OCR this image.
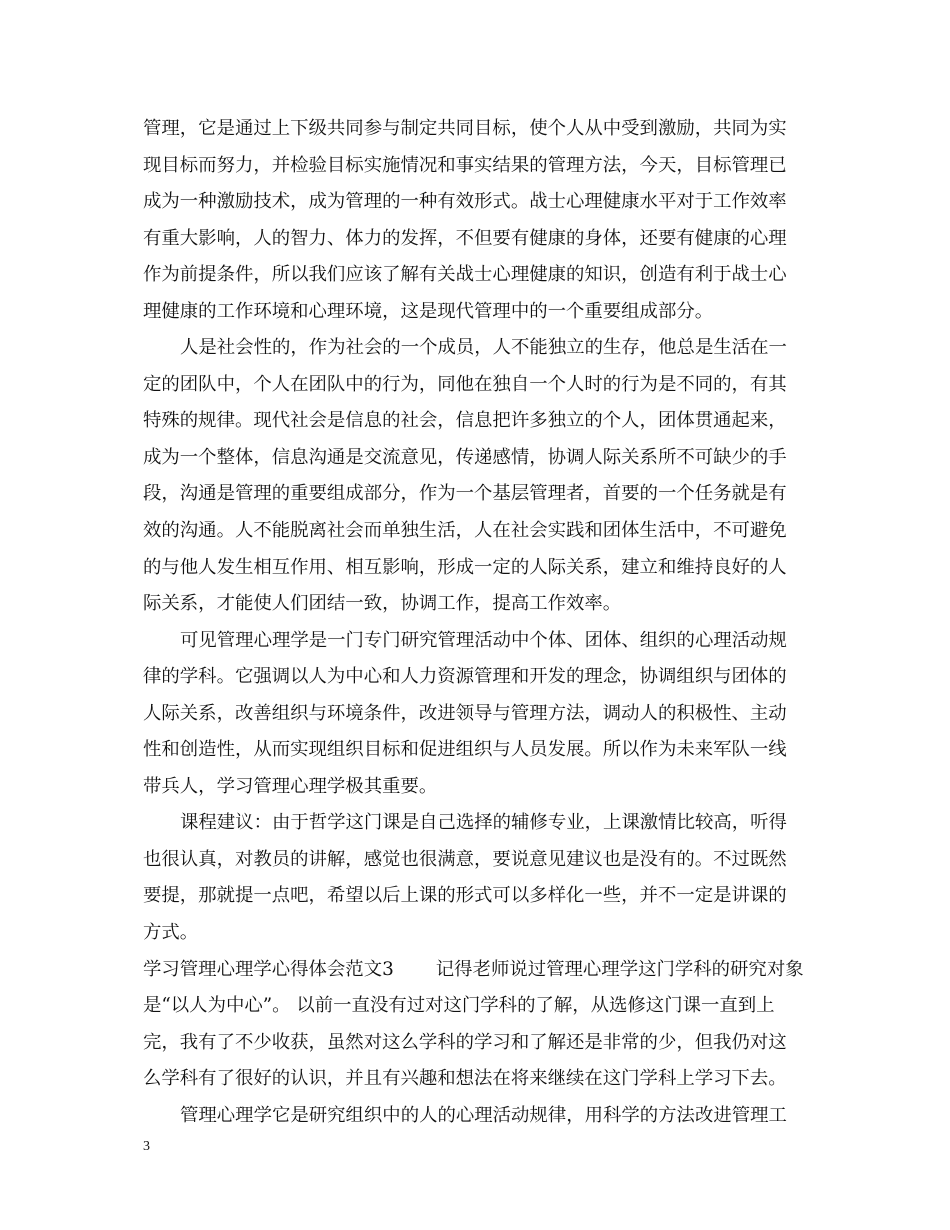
管理，它是通过上下级共同参与制定共同目标，使个人从中受到激励，共同为实
现目标而努力，并检验目标实施情况和事实结果的管理方法，今天，目标管理已
成为一种激励技术，成为管理的一种有效形式。战士心理健康水平对于工作效率
有重大影响，人的智力、体力的发挥，不但要有健康的身体，还要有健康的心理
作为前提条件，所以我们应该了解有关战士心理健康的知识，创造有利于战士心
理健康的工作环境和心理环境，这是现代管理中的一个重要组成部分。
人是社会性的，作为社会的一个成员，人不能独立的生存，他总是生活在一
定的团队中，个人在团队中的行为，同他在独自一个人时的行为是不同的，有其
特殊的规律。现代社会是信息的社会，信息把许多独立的个人，团体贯通起来，
成为一个整体，信息沟通是交流意见，传递感情，协调人际关系所不可缺少的手
段，沟通是管理的重要组成部分，作为一个基层管理者，首要的一个任务就是有
效的沟通。人不能脱离社会而单独生活，人在社会实践和团体生活中，不可避免
的与他人发生相互作用、相互影响，形成一定的人际关系，建立和维持良好的人
际关系，才能使人们团结一致，协调工作，提高工作效率。
可见管理心理学是一门专门研究管理活动中个体、团体、组织的心理活动规
律的学科。它强调以人为中心和人力资源管理和开发的理念，协调组织与团体的
人际关系，改善组织与环境条件，改进领导与管理方法，调动人的积极性、主动
性和创造性，从而实现组织目标和促进组织与人员发展。所以作为未来军队一线
带兵人，学习管理心理学极其重要。
课程建议：由于哲学这门课是自己选择的辅修专业，上课激情比较高，听得
也很认真，对教员的讲解，感觉也很满意，要说意见建议也是没有的。不过既然
要提，那就提一点吧，希望以后上课的形式可以多样化一些，并不一定是讲课的
方式。
学习管理心理学心得体会范文3 记得老师说过管理心理学这门学科的研究对象
是“以人为中心”。 以前一直没有过对这门学科的了解，从选修这门课一直到上
完，我有了不少收获，虽然对这么学科的学习和了解还是非常的少，但我仍对这
么学科有了很好的认识，并且有兴趣和想法在将来继续在这门学科上学习下去。
管理心理学它是研究组织中的人的心理活动规律，用科学的方法改进管理工
3
